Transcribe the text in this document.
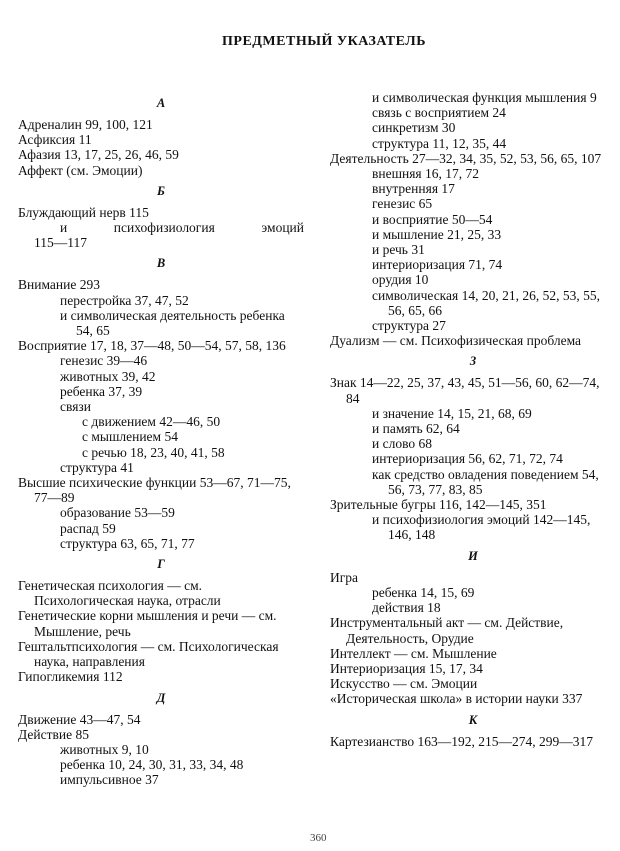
ПРЕДМЕТНЫЙ УКАЗАТЕЛЬ
А
Адреналин 99, 100, 121
Асфиксия 11
Афазия 13, 17, 25, 26, 46, 59
Аффект (см. Эмоции)
Б
Блуждающий нерв 115
и психофизиология эмоций
115—117
В
Внимание 293
перестройка 37, 47, 52
и символическая деятельность ребенка 54, 65
Восприятие 17, 18, 37—48, 50—54, 57, 58, 136
генезис 39—46
животных 39, 42
ребенка 37, 39
связи
с движением 42—46, 50
с мышлением 54
с речью 18, 23, 40, 41, 58
структура 41
Высшие психические функции 53—67, 71—75, 77—89
образование 53—59
распад 59
структура 63, 65, 71, 77
Г
Генетическая психология — см. Психологическая наука, отрасли
Генетические корни мышления и речи — см. Мышление, речь
Гештальтпсихология — см. Психологическая наука, направления
Гипогликемия 112
Д
Движение 43—47, 54
Действие 85
животных 9, 10
ребенка 10, 24, 30, 31, 33, 34, 48
импульсивное 37
и символическая функция мышления 9
связь с восприятием 24
синкретизм 30
структура 11, 12, 35, 44
Деятельность 27—32, 34, 35, 52, 53, 56, 65, 107
внешняя 16, 17, 72
внутренняя 17
генезис 65
и восприятие 50—54
и мышление 21, 25, 33
и речь 31
интериоризация 71, 74
орудия 10
символическая 14, 20, 21, 26, 52, 53, 55, 56, 65, 66
структура 27
Дуализм — см. Психофизическая проблема
З
Знак 14—22, 25, 37, 43, 45, 51—56, 60, 62—74, 84
и значение 14, 15, 21, 68, 69
и память 62, 64
и слово 68
интериоризация 56, 62, 71, 72, 74
как средство овладения поведением 54, 56, 73, 77, 83, 85
Зрительные бугры 116, 142—145, 351
и психофизиология эмоций 142—145, 146, 148
И
Игра
ребенка 14, 15, 69
действия 18
Инструментальный акт — см. Действие, Деятельность, Орудие
Интеллект — см. Мышление
Интериоризация 15, 17, 34
Искусство — см. Эмоции
«Историческая школа» в истории науки 337
К
Картезианство 163—192, 215—274, 299—317
360
